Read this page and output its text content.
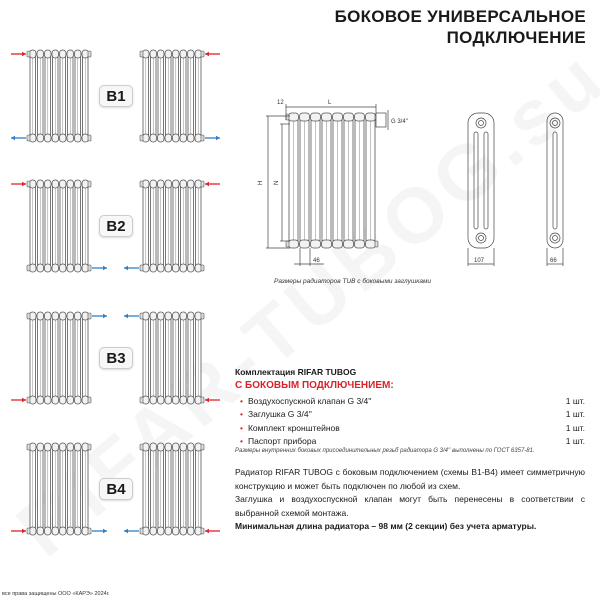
БОКОВОЕ УНИВЕРСАЛЬНОЕ
ПОДКЛЮЧЕНИЕ
B1
B2
B3
B4
12	L
G 3/4''
H N
46	107	66
Размеры радиаторов TUB с боковыми заглушками
Комплектация RIFAR TUBOG
С БОКОВЫМ ПОДКЛЮЧЕНИЕМ:
• Воздухоспускной клапан G 3/4''	1 шт.
• Заглушка G 3/4''	1 шт.
• Комплект кронштейнов	1 шт.
• Паспорт прибора	1 шт.
Размеры внутренних боковых присоединительных резьб радиатора G 3/4'' выполнены по ГОСТ 6357-81.
Радиатор RIFAR TUBOG с боковым подключением (схемы В1-В4) имеет симметричную конструкцию и может быть подключен по любой из схем.
Заглушка и воздухоспускной клапан могут быть перенесены в соответствии с выбранной схемой монтажа.
Минимальная длина радиатора – 98 мм (2 секции) без учета арматуры.
все права защищены ООО «КАРЭ» 2024г.
